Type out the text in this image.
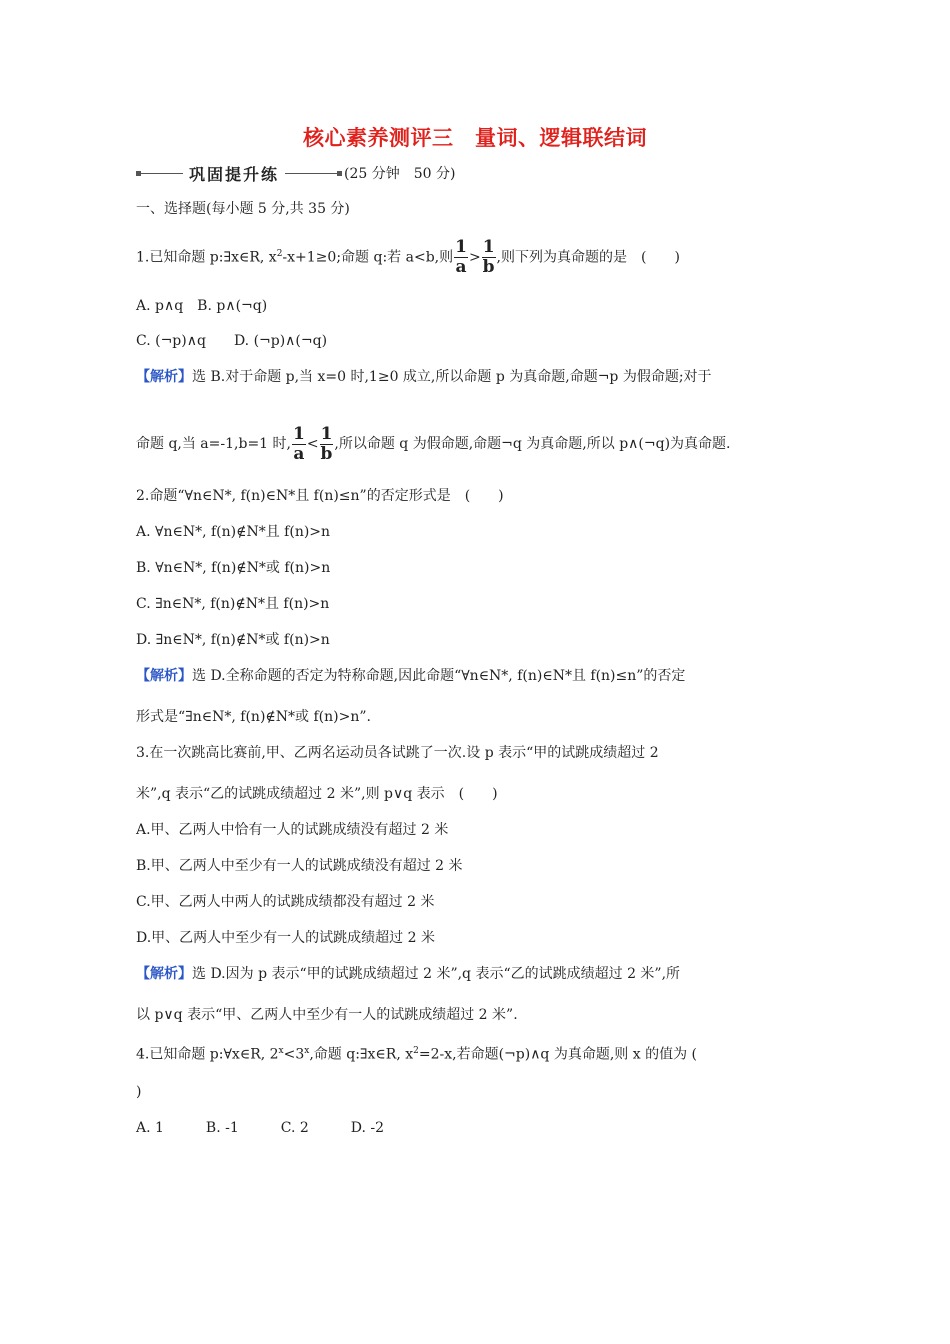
核心素养测评三　量词、逻辑联结词
巩固提升练	(25 分钟　50 分)
一、选择题(每小题 5 分,共 35 分)
1.已知命题 p:∃x∈R, $x^2-x+1\ge 0$;命题 q:若 a<b,则 $\frac{1}{a} > \frac{1}{b}$ ,则下列为真命题的是　(　　)
A. p∧q　B. p∧(¬q)
C. (¬p)∧q　　D. (¬p)∧(¬q)
【解析】选 B.对于命题 p,当 x=0 时,1≥0 成立,所以命题 p 为真命题,命题¬p 为假命题;对于
命题 q,当 a=-1,b=1 时, $\frac{1}{a} < \frac{1}{b}$ ,所以命题 q 为假命题,命题¬q 为真命题,所以 p∧(¬q)为真命题.
2.命题“∀n∈N*, f(n)∈N*且 f(n)≤n”的否定形式是　(　　)
A. ∀n∈N*, f(n)∉N*且 f(n)>n
B. ∀n∈N*, f(n)∉N*或 f(n)>n
C. ∃n∈N*, f(n)∉N*且 f(n)>n
D. ∃n∈N*, f(n)∉N*或 f(n)>n
【解析】选 D.全称命题的否定为特称命题,因此命题“∀n∈N*, f(n)∈N*且 f(n)≤n”的否定
形式是“∃n∈N*, f(n)∉N*或 f(n)>n”.
3.在一次跳高比赛前,甲、乙两名运动员各试跳了一次.设 p 表示“甲的试跳成绩超过 2
米”,q 表示“乙的试跳成绩超过 2 米”,则 p∨q 表示　(　　)
A.甲、乙两人中恰有一人的试跳成绩没有超过 2 米
B.甲、乙两人中至少有一人的试跳成绩没有超过 2 米
C.甲、乙两人中两人的试跳成绩都没有超过 2 米
D.甲、乙两人中至少有一人的试跳成绩超过 2 米
【解析】选 D.因为 p 表示“甲的试跳成绩超过 2 米”,q 表示“乙的试跳成绩超过 2 米”,所
以 p∨q 表示“甲、乙两人中至少有一人的试跳成绩超过 2 米”.
4.已知命题 p:∀x∈R, $2^x<3^x$,命题 q:∃x∈R, $x^2=2-x$,若命题(¬p)∧q 为真命题,则 x 的值为 (
)
A. 1　　　B. -1　　　C. 2　　　D. -2
